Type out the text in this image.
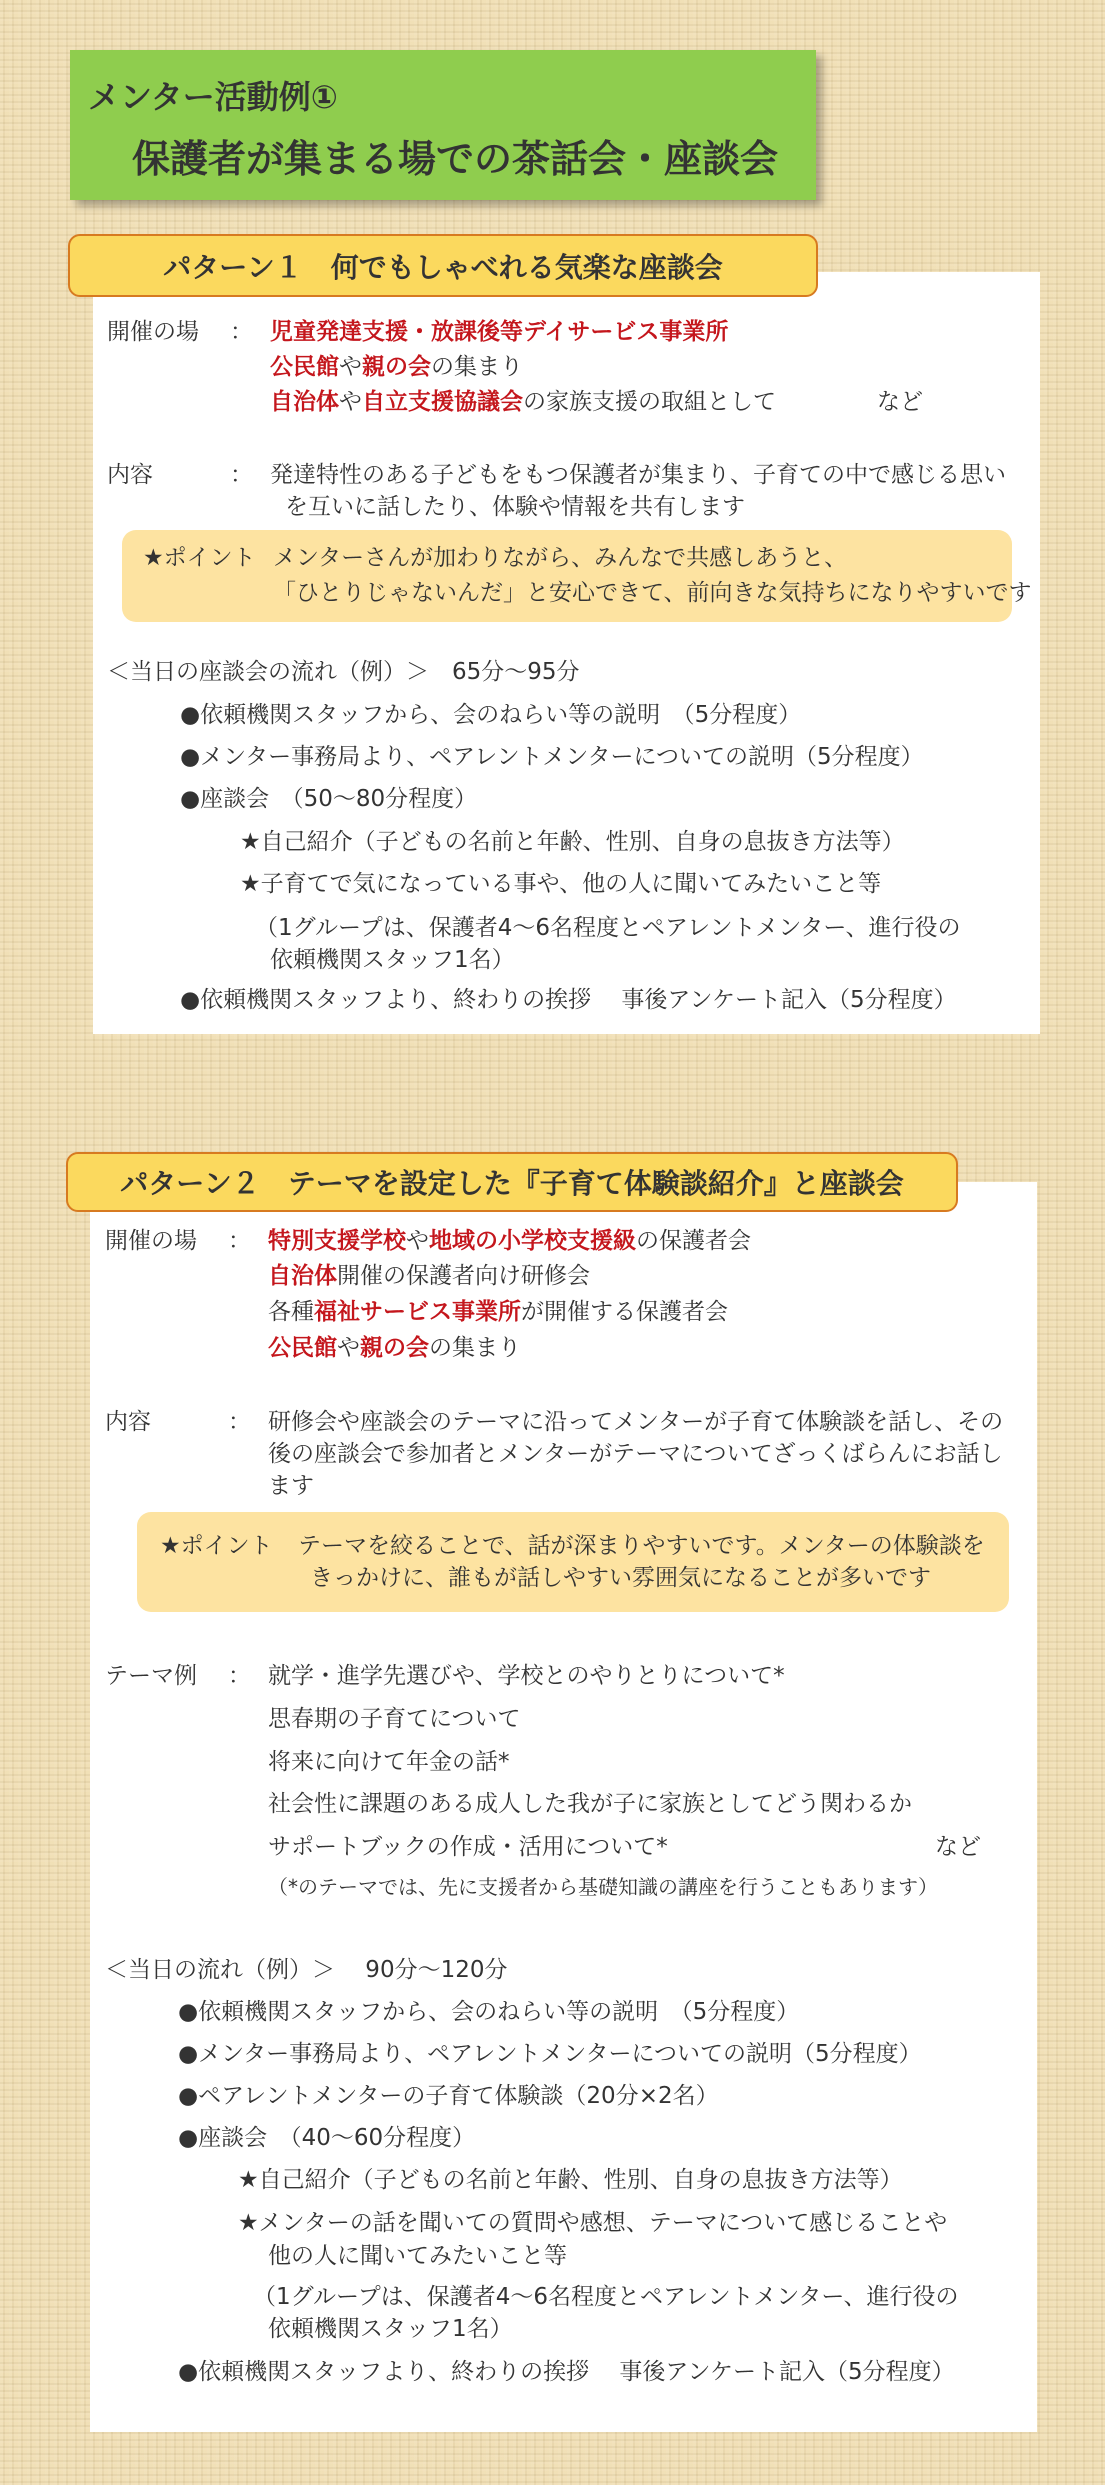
メンター活動例①
保護者が集まる場での茶話会・座談会
パターン１　何でもしゃべれる気楽な座談会
開催の場 ： 児童発達支援・放課後等デイサービス事業所
公民館や親の会の集まり
自治体や自立支援協議会の家族支援の取組として	など
内容	： 発達特性のある子どもをもつ保護者が集まり、子育ての中で感じる思い
を互いに話したり、体験や情報を共有します
★ポイント メンターさんが加わりながら、みんなで共感しあうと、
「ひとりじゃないんだ」と安心できて、前向きな気持ちになりやすいです
＜当日の座談会の流れ（例）＞　65分～95分
●依頼機関スタッフから、会のねらい等の説明　（5分程度）
●メンター事務局より、ペアレントメンターについての説明（5分程度）
●座談会　（50～80分程度）
★自己紹介（子どもの名前と年齢、性別、自身の息抜き方法等）
★子育てで気になっている事や、他の人に聞いてみたいこと等
（1グループは、保護者4～6名程度とペアレントメンター、進行役の
依頼機関スタッフ1名）
●依頼機関スタッフより、終わりの挨拶　 事後アンケート記入（5分程度）
パターン２　テーマを設定した『子育て体験談紹介』と座談会
開催の場 ： 特別支援学校や地域の小学校支援級の保護者会
自治体開催の保護者向け研修会
各種福祉サービス事業所が開催する保護者会
公民館や親の会の集まり
内容	： 研修会や座談会のテーマに沿ってメンターが子育て体験談を話し、その
後の座談会で参加者とメンターがテーマについてざっくばらんにお話し
ます
★ポイント テーマを絞ることで、話が深まりやすいです。メンターの体験談を
きっかけに、誰もが話しやすい雰囲気になることが多いです
テーマ例 ： 就学・進学先選びや、学校とのやりとりについて*
思春期の子育てについて
将来に向けて年金の話*
社会性に課題のある成人した我が子に家族としてどう関わるか
サポートブックの作成・活用について*	など
（*のテーマでは、先に支援者から基礎知識の講座を行うこともあります）
＜当日の流れ（例）＞　 90分～120分
●依頼機関スタッフから、会のねらい等の説明　（5分程度）
●メンター事務局より、ペアレントメンターについての説明（5分程度）
●ペアレントメンターの子育て体験談（20分×2名）
●座談会　（40～60分程度）
★自己紹介（子どもの名前と年齢、性別、自身の息抜き方法等）
★メンターの話を聞いての質問や感想、テーマについて感じることや
他の人に聞いてみたいこと等
（1グループは、保護者4～6名程度とペアレントメンター、進行役の
依頼機関スタッフ1名）
●依頼機関スタッフより、終わりの挨拶　 事後アンケート記入（5分程度）
